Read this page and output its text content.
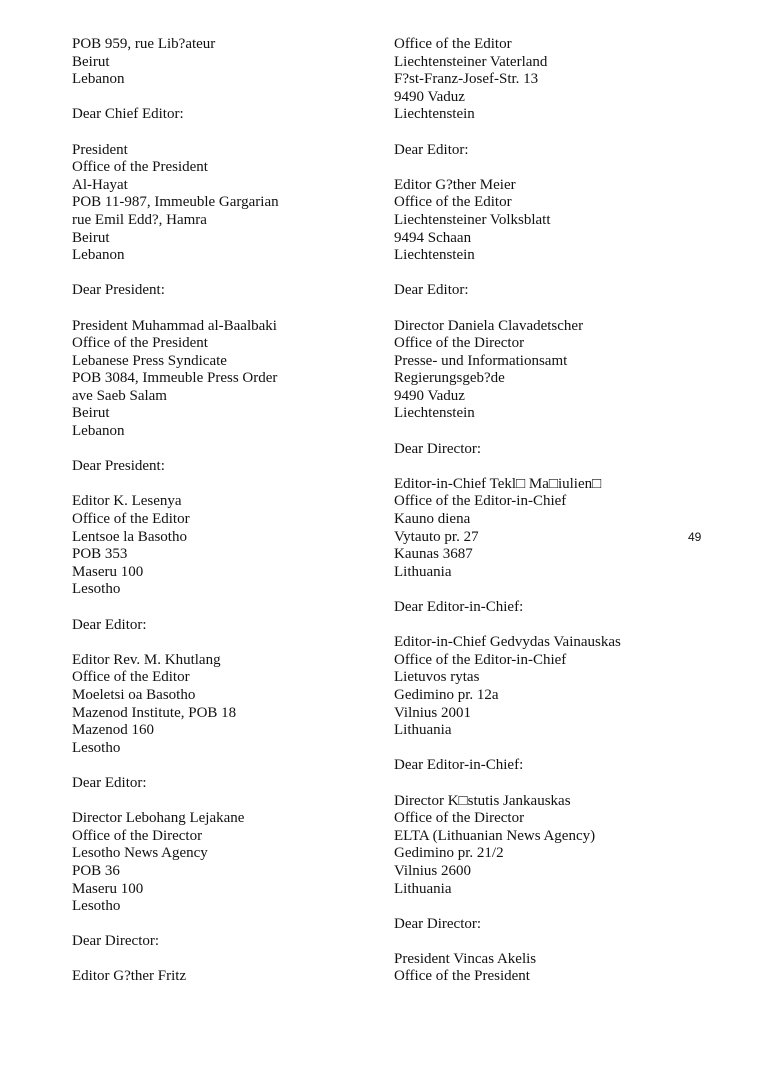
POB 959, rue Lib?ateur
Beirut
Lebanon
Dear Chief Editor:
President
Office of the President
Al-Hayat
POB 11-987, Immeuble Gargarian
rue Emil Edd?, Hamra
Beirut
Lebanon
Dear President:
President Muhammad al-Baalbaki
Office of the President
Lebanese Press Syndicate
POB 3084, Immeuble Press Order
ave Saeb Salam
Beirut
Lebanon
Dear President:
Editor K. Lesenya
Office of the Editor
Lentsoe la Basotho
POB 353
Maseru 100
Lesotho
Dear Editor:
Editor Rev. M. Khutlang
Office of the Editor
Moeletsi oa Basotho
Mazenod Institute, POB 18
Mazenod 160
Lesotho
Dear Editor:
Director Lebohang Lejakane
Office of the Director
Lesotho News Agency
POB 36
Maseru 100
Lesotho
Dear Director:
Editor G?ther Fritz
Office of the Editor
Liechtensteiner Vaterland
F?st-Franz-Josef-Str. 13
9490 Vaduz
Liechtenstein
Dear Editor:
Editor G?ther Meier
Office of the Editor
Liechtensteiner Volksblatt
9494 Schaan
Liechtenstein
Dear Editor:
Director Daniela Clavadetscher
Office of the Director
Presse- und Informationsamt
Regierungsgeb?de
9490 Vaduz
Liechtenstein
Dear Director:
Editor-in-Chief Tekl□ Ma□iulien□
Office of the Editor-in-Chief
Kauno diena
Vytauto pr. 27
Kaunas 3687
Lithuania
Dear Editor-in-Chief:
Editor-in-Chief Gedvydas Vainauskas
Office of the Editor-in-Chief
Lietuvos rytas
Gedimino pr. 12a
Vilnius 2001
Lithuania
Dear Editor-in-Chief:
Director K□stutis Jankauskas
Office of the Director
ELTA (Lithuanian News Agency)
Gedimino pr. 21/2
Vilnius 2600
Lithuania
Dear Director:
President Vincas Akelis
Office of the President
49
